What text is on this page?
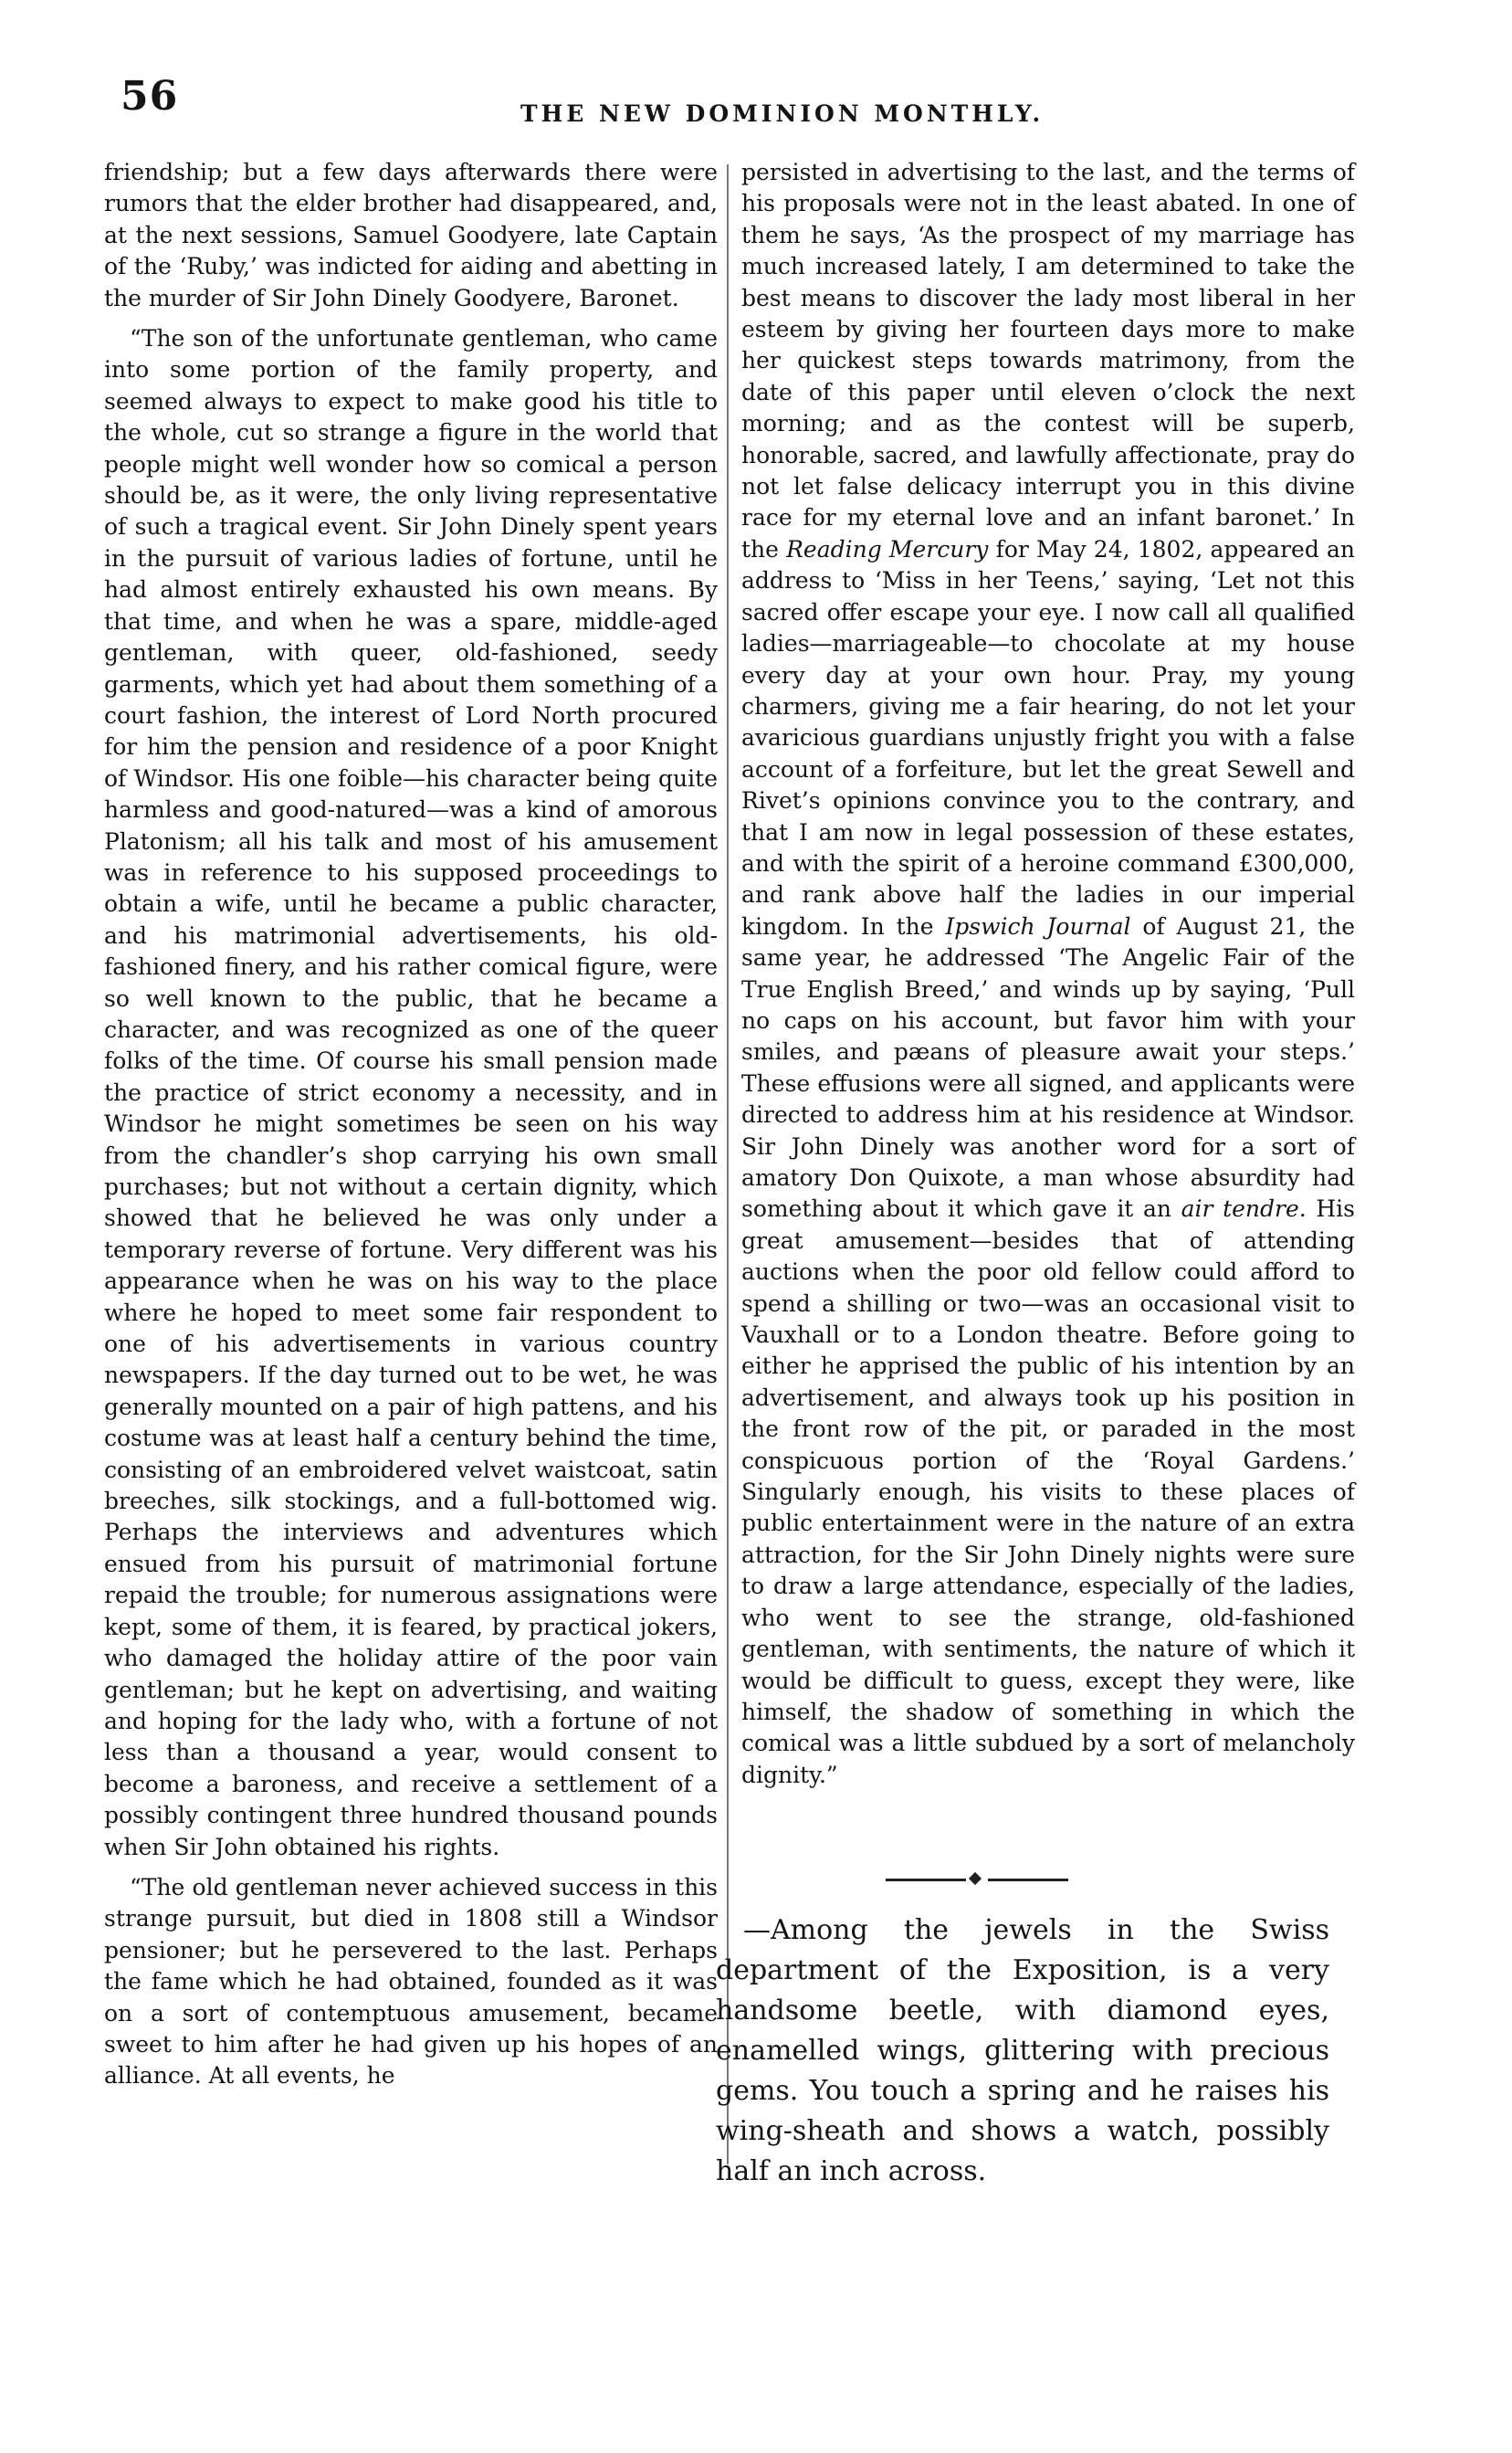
56	THE NEW DOMINION MONTHLY.

friendship; but a few days afterwards there were rumors that the elder brother had disappeared, and, at the next sessions, Samuel Goodyere, late Captain of the ‘Ruby,’ was indicted for aiding and abetting in the murder of Sir John Dinely Goodyere, Baronet.

“The son of the unfortunate gentleman, who came into some portion of the family property, and seemed always to expect to make good his title to the whole, cut so strange a figure in the world that people might well wonder how so comical a person should be, as it were, the only living representative of such a tragical event. Sir John Dinely spent years in the pursuit of various ladies of fortune, until he had almost entirely exhausted his own means. By that time, and when he was a spare, middle-aged gentleman, with queer, old-fashioned, seedy garments, which yet had about them something of a court fashion, the interest of Lord North procured for him the pension and residence of a poor Knight of Windsor. His one foible—his character being quite harmless and good-natured—was a kind of amorous Platonism; all his talk and most of his amusement was in reference to his supposed proceedings to obtain a wife, until he became a public character, and his matrimonial advertisements, his old-fashioned finery, and his rather comical figure, were so well known to the public, that he became a character, and was recognized as one of the queer folks of the time. Of course his small pension made the practice of strict economy a necessity, and in Windsor he might sometimes be seen on his way from the chandler’s shop carrying his own small purchases; but not without a certain dignity, which showed that he believed he was only under a temporary reverse of fortune. Very different was his appearance when he was on his way to the place where he hoped to meet some fair respondent to one of his advertisements in various country newspapers. If the day turned out to be wet, he was generally mounted on a pair of high pattens, and his costume was at least half a century behind the time, consisting of an embroidered velvet waistcoat, satin breeches, silk stockings, and a full-bottomed wig. Perhaps the interviews and adventures which ensued from his pursuit of matrimonial fortune repaid the trouble; for numerous assignations were kept, some of them, it is feared, by practical jokers, who damaged the holiday attire of the poor vain gentleman; but he kept on advertising, and waiting and hoping for the lady who, with a fortune of not less than a thousand a year, would consent to become a baroness, and receive a settlement of a possibly contingent three hundred thousand pounds when Sir John obtained his rights.

“The old gentleman never achieved success in this strange pursuit, but died in 1808 still a Windsor pensioner; but he persevered to the last. Perhaps the fame which he had obtained, founded as it was on a sort of contemptuous amusement, became sweet to him after he had given up his hopes of an alliance. At all events, he

persisted in advertising to the last, and the terms of his proposals were not in the least abated. In one of them he says, ‘As the prospect of my marriage has much increased lately, I am determined to take the best means to discover the lady most liberal in her esteem by giving her fourteen days more to make her quickest steps towards matrimony, from the date of this paper until eleven o’clock the next morning; and as the contest will be superb, honorable, sacred, and lawfully affectionate, pray do not let false delicacy interrupt you in this divine race for my eternal love and an infant baronet.’ In the Reading Mercury for May 24, 1802, appeared an address to ‘Miss in her Teens,’ saying, ‘Let not this sacred offer escape your eye. I now call all qualified ladies—marriageable—to chocolate at my house every day at your own hour. Pray, my young charmers, giving me a fair hearing, do not let your avaricious guardians unjustly fright you with a false account of a forfeiture, but let the great Sewell and Rivet’s opinions convince you to the contrary, and that I am now in legal possession of these estates, and with the spirit of a heroine command £300,000, and rank above half the ladies in our imperial kingdom. In the Ipswich Journal of August 21, the same year, he addressed ‘The Angelic Fair of the True English Breed,’ and winds up by saying, ‘Pull no caps on his account, but favor him with your smiles, and pæans of pleasure await your steps.’ These effusions were all signed, and applicants were directed to address him at his residence at Windsor. Sir John Dinely was another word for a sort of amatory Don Quixote, a man whose absurdity had something about it which gave it an air tendre. His great amusement—besides that of attending auctions when the poor old fellow could afford to spend a shilling or two—was an occasional visit to Vauxhall or to a London theatre. Before going to either he apprised the public of his intention by an advertisement, and always took up his position in the front row of the pit, or paraded in the most conspicuous portion of the ‘Royal Gardens.’ Singularly enough, his visits to these places of public entertainment were in the nature of an extra attraction, for the Sir John Dinely nights were sure to draw a large attendance, especially of the ladies, who went to see the strange, old-fashioned gentleman, with sentiments, the nature of which it would be difficult to guess, except they were, like himself, the shadow of something in which the comical was a little subdued by a sort of melancholy dignity.”

—Among the jewels in the Swiss department of the Exposition, is a very handsome beetle, with diamond eyes, enamelled wings, glittering with precious gems. You touch a spring and he raises his wing-sheath and shows a watch, possibly half an inch across.
